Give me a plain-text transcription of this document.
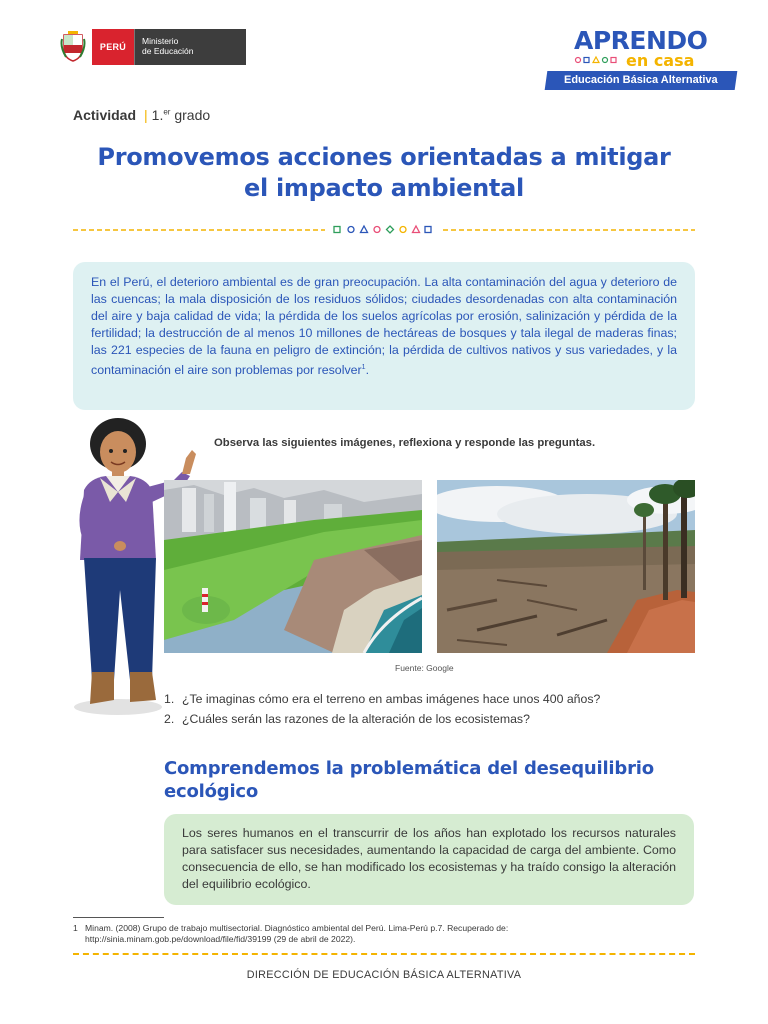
PERÚ
Ministerio
de Educación	APRENDO
en casa
Educación Básica Alternativa
Actividad | 1.$^{er}$ grado
Promovemos acciones orientadas a mitigar
el impacto ambiental

En el Perú, el deterioro ambiental es de gran preocupación. La alta contaminación del agua y deterioro de las cuencas; la mala disposición de los residuos sólidos; ciudades desordenadas con alta contaminación del aire y baja calidad de vida; la pérdida de los suelos agrícolas por erosión, salinización y pérdida de la fertilidad; la destrucción de al menos 10 millones de hectáreas de bosques y tala ilegal de maderas finas; las 221 especies de la fauna en peligro de extinción; la pérdida de cultivos nativos y sus variedades, y la contaminación el aire son problemas por resolver$^1$.

Observa las siguientes imágenes, reflexiona y responde las preguntas.
Fuente: Google
1. ¿Te imaginas cómo era el terreno en ambas imágenes hace unos 400 años?
2. ¿Cuáles serán las razones de la alteración de los ecosistemas?
Comprendemos la problemática del desequilibrio
ecológico

Los seres humanos en el transcurrir de los años han explotado los recursos naturales para satisfacer sus necesidades, aumentando la capacidad de carga del ambiente. Como consecuencia de ello, se han modificado los ecosistemas y ha traído consigo la alteración del equilibrio ecológico.

1 Minam. (2008) Grupo de trabajo multisectorial. Diagnóstico ambiental del Perú. Lima-Perú p.7. Recuperado de:
http://sinia.minam.gob.pe/download/file/fid/39199 (29 de abril de 2022).
DIRECCIÓN DE EDUCACIÓN BÁSICA ALTERNATIVA
